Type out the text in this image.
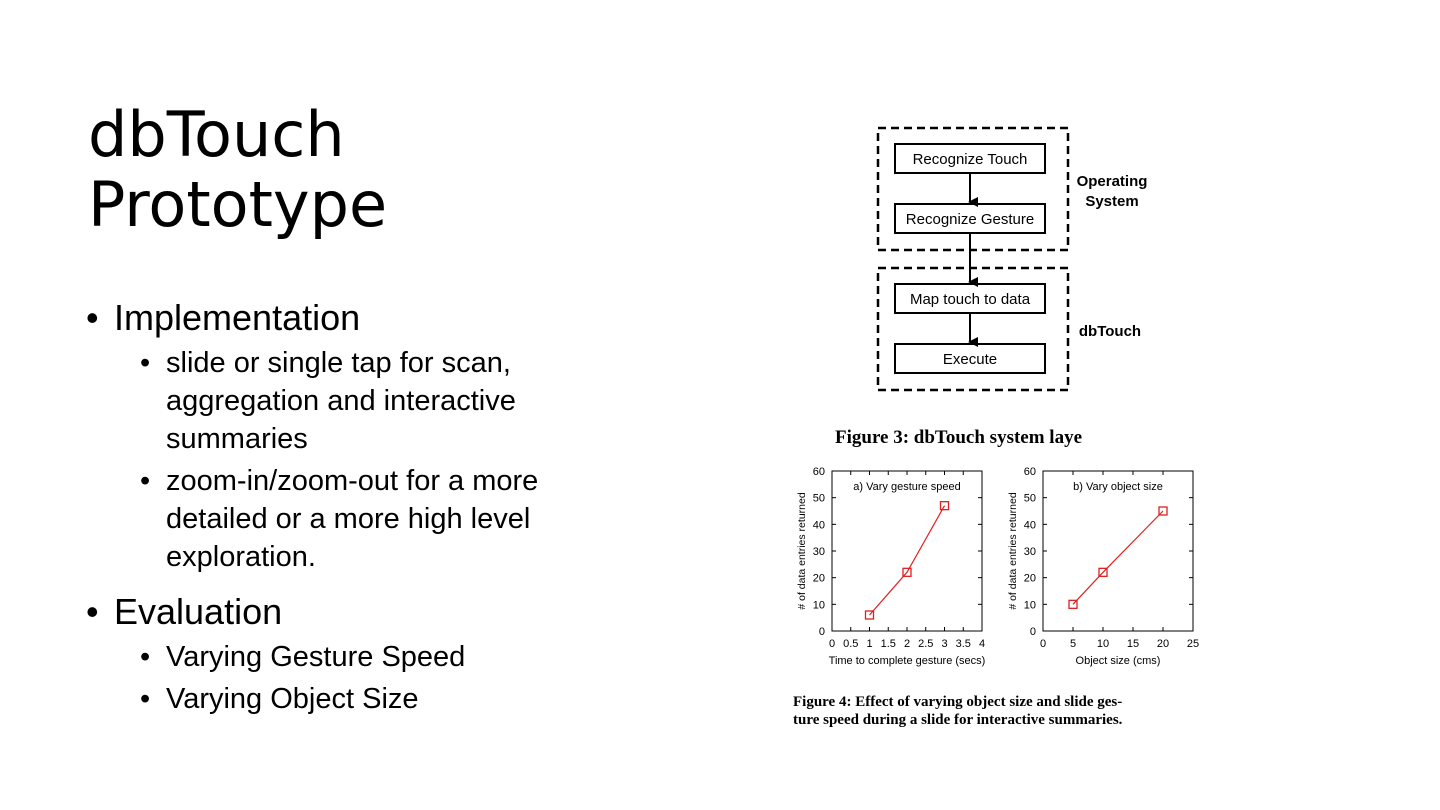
dbTouch
Prototype
• Implementation
• slide or single tap for scan, aggregation and interactive summaries
• zoom-in/zoom-out for a more detailed or a more high level exploration.
• Evaluation
• Varying Gesture Speed
• Varying Object Size
Recognize Touch
Recognize Gesture
Map touch to data
Execute
Operating
System
dbTouch
Figure 3: dbTouch system laye
0
10
20
30
40
50
60
0 0.5 1 1.5 2 2.5 3 3.5 4
Time to complete gesture (secs)
# of data entries returned
a) Vary gesture speed
0
10
20
30
40
50
60
0 5 10 15 20 25
Object size (cms)
# of data entries returned
b) Vary object size
Figure 4: Effect of varying object size and slide ges-
ture speed during a slide for interactive summaries.
